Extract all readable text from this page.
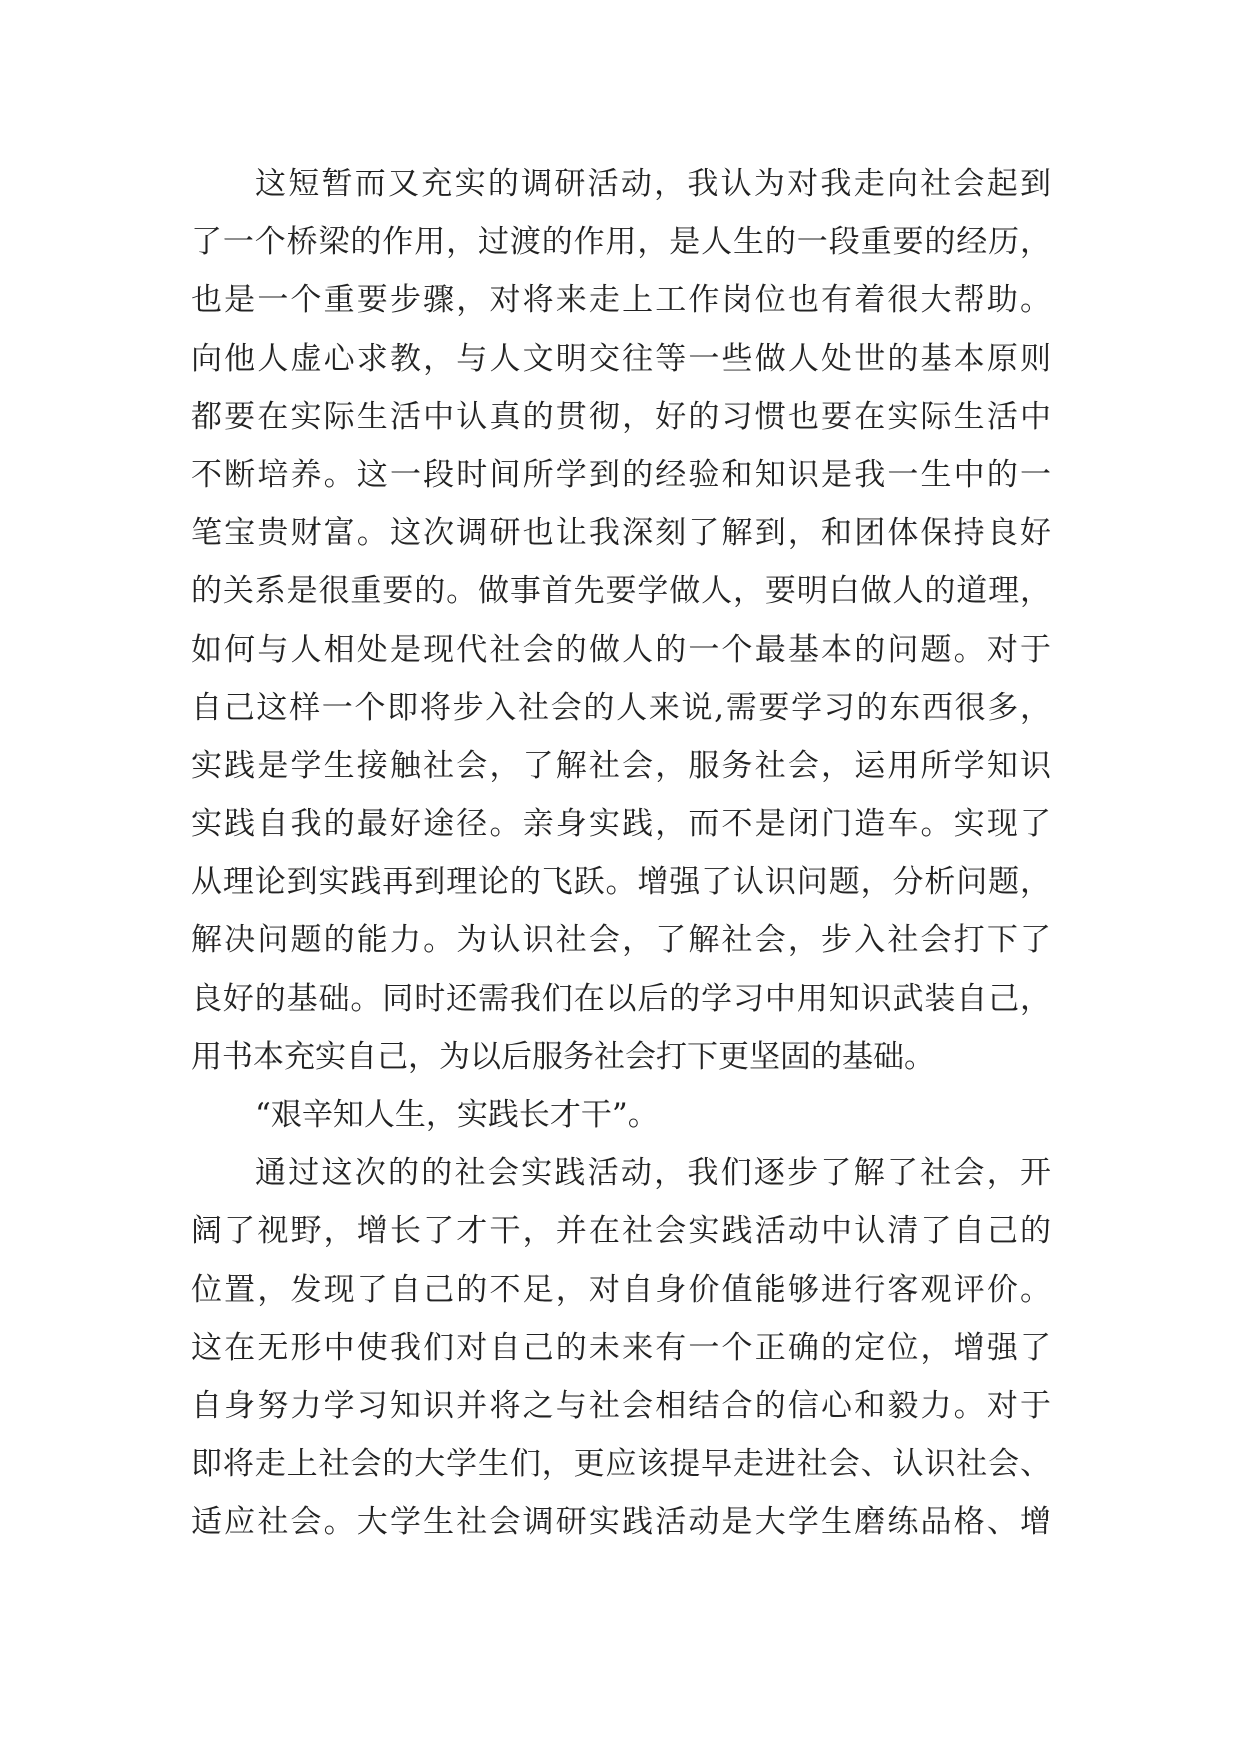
这短暂而又充实的调研活动，我认为对我走向社会起到
了一个桥梁的作用，过渡的作用，是人生的一段重要的经历，
也是一个重要步骤，对将来走上工作岗位也有着很大帮助。
向他人虚心求教，与人文明交往等一些做人处世的基本原则
都要在实际生活中认真的贯彻，好的习惯也要在实际生活中
不断培养。这一段时间所学到的经验和知识是我一生中的一
笔宝贵财富。这次调研也让我深刻了解到，和团体保持良好
的关系是很重要的。做事首先要学做人，要明白做人的道理，
如何与人相处是现代社会的做人的一个最基本的问题。对于
自己这样一个即将步入社会的人来说,需要学习的东西很多，
实践是学生接触社会，了解社会，服务社会，运用所学知识
实践自我的最好途径。亲身实践，而不是闭门造车。实现了
从理论到实践再到理论的飞跃。增强了认识问题，分析问题，
解决问题的能力。为认识社会，了解社会，步入社会打下了
良好的基础。同时还需我们在以后的学习中用知识武装自己，
用书本充实自己，为以后服务社会打下更坚固的基础。
“艰辛知人生，实践长才干”。
通过这次的的社会实践活动，我们逐步了解了社会，开
阔了视野，增长了才干，并在社会实践活动中认清了自己的
位置，发现了自己的不足，对自身价值能够进行客观评价。
这在无形中使我们对自己的未来有一个正确的定位，增强了
自身努力学习知识并将之与社会相结合的信心和毅力。对于
即将走上社会的大学生们，更应该提早走进社会、认识社会、
适应社会。大学生社会调研实践活动是大学生磨练品格、增
